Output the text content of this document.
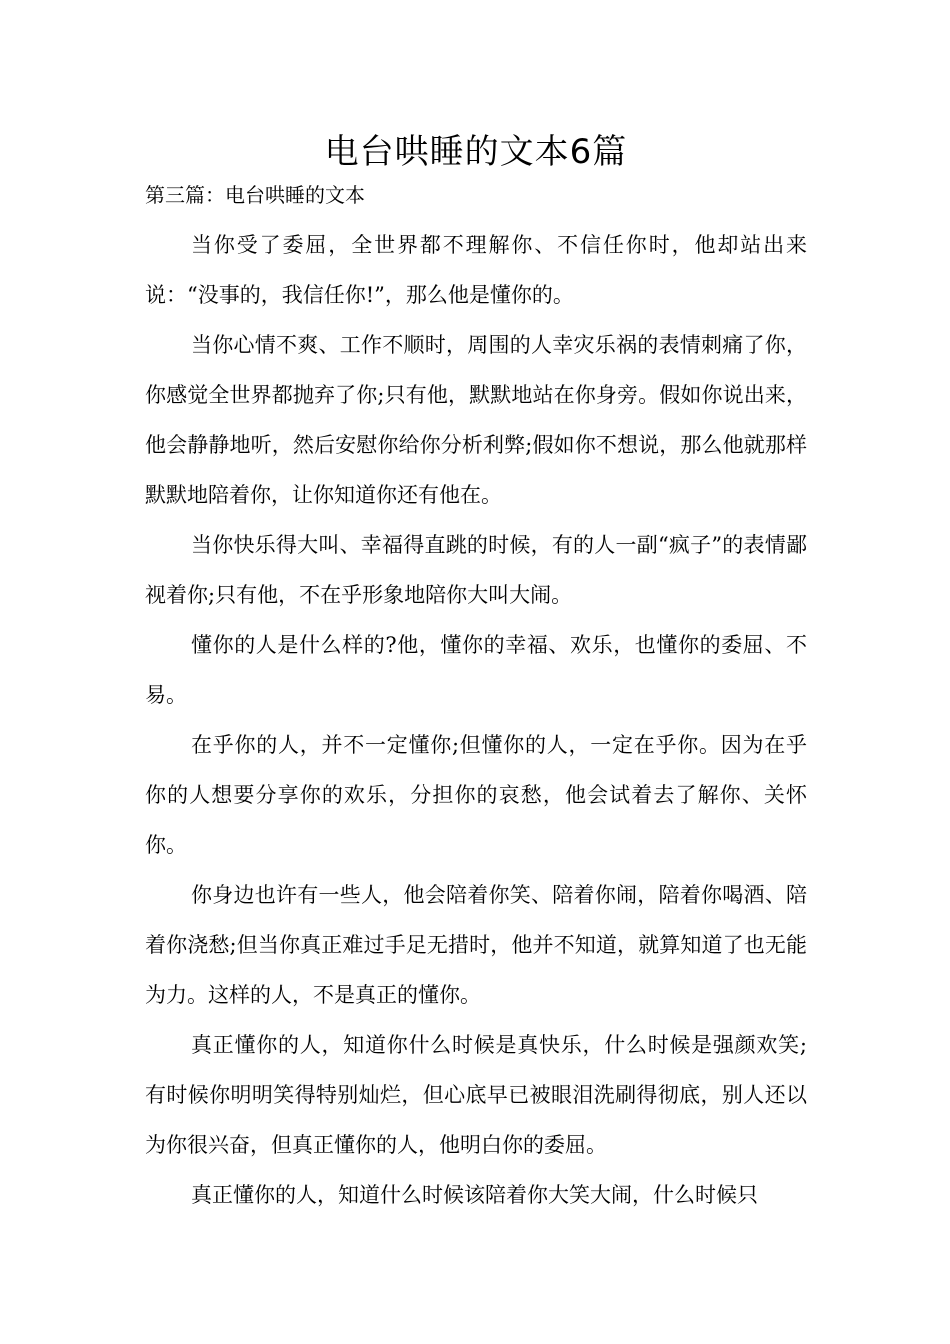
电台哄睡的文本6篇
第三篇：电台哄睡的文本

当你受了委屈，全世界都不理解你、不信任你时，他却站出来说：“没事的，我信任你!”，那么他是懂你的。

当你心情不爽、工作不顺时，周围的人幸灾乐祸的表情刺痛了你，你感觉全世界都抛弃了你;只有他，默默地站在你身旁。假如你说出来，他会静静地听，然后安慰你给你分析利弊;假如你不想说，那么他就那样默默地陪着你，让你知道你还有他在。

当你快乐得大叫、幸福得直跳的时候，有的人一副“疯子”的表情鄙视着你;只有他，不在乎形象地陪你大叫大闹。

懂你的人是什么样的?他，懂你的幸福、欢乐，也懂你的委屈、不易。

在乎你的人，并不一定懂你;但懂你的人，一定在乎你。因为在乎你的人想要分享你的欢乐，分担你的哀愁，他会试着去了解你、关怀你。

你身边也许有一些人，他会陪着你笑、陪着你闹，陪着你喝酒、陪着你浇愁;但当你真正难过手足无措时，他并不知道，就算知道了也无能为力。这样的人，不是真正的懂你。

真正懂你的人，知道你什么时候是真快乐，什么时候是强颜欢笑;有时候你明明笑得特别灿烂，但心底早已被眼泪洗刷得彻底，别人还以为你很兴奋，但真正懂你的人，他明白你的委屈。

真正懂你的人，知道什么时候该陪着你大笑大闹，什么时候只
